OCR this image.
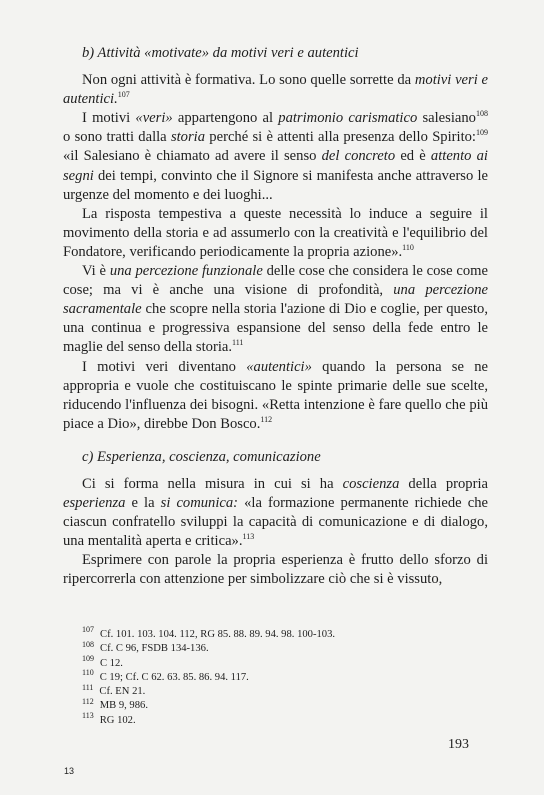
b) Attività «motivate» da motivi veri e autentici

Non ogni attività è formativa. Lo sono quelle sorrette da motivi veri e autentici.$^{107}$

I motivi «veri» appartengono al patrimonio carismatico salesiano$^{108}$ o sono tratti dalla storia perché si è attenti alla presenza dello Spirito:$^{109}$ «il Salesiano è chiamato ad avere il senso del concreto ed è attento ai segni dei tempi, convinto che il Signore si manifesta anche attraverso le urgenze del momento e dei luoghi...

La risposta tempestiva a queste necessità lo induce a seguire il movimento della storia e ad assumerlo con la creatività e l'equilibrio del Fondatore, verificando periodicamente la propria azione».$^{110}$

Vi è una percezione funzionale delle cose che considera le cose come cose; ma vi è anche una visione di profondità, una percezione sacramentale che scopre nella storia l'azione di Dio e coglie, per questo, una continua e progressiva espansione del senso della fede entro le maglie del senso della storia.$^{111}$

I motivi veri diventano «autentici» quando la persona se ne appropria e vuole che costituiscano le spinte primarie delle sue scelte, riducendo l'influenza dei bisogni. «Retta intenzione è fare quello che più piace a Dio», direbbe Don Bosco.$^{112}$

c) Esperienza, coscienza, comunicazione

Ci si forma nella misura in cui si ha coscienza della propria esperienza e la si comunica: «la formazione permanente richiede che ciascun confratello sviluppi la capacità di comunicazione e di dialogo, una mentalità aperta e critica».$^{113}$

Esprimere con parole la propria esperienza è frutto dello sforzo di ripercorrerla con attenzione per simbolizzare ciò che si è vissuto,

$^{107}$ Cf. 101. 103. 104. 112, RG 85. 88. 89. 94. 98. 100-103.
$^{108}$ Cf. C 96, FSDB 134-136.
$^{109}$ C 12.
$^{110}$ C 19; Cf. C 62. 63. 85. 86. 94. 117.
$^{111}$ Cf. EN 21.
$^{112}$ MB 9, 986.
$^{113}$ RG 102.
193
13
